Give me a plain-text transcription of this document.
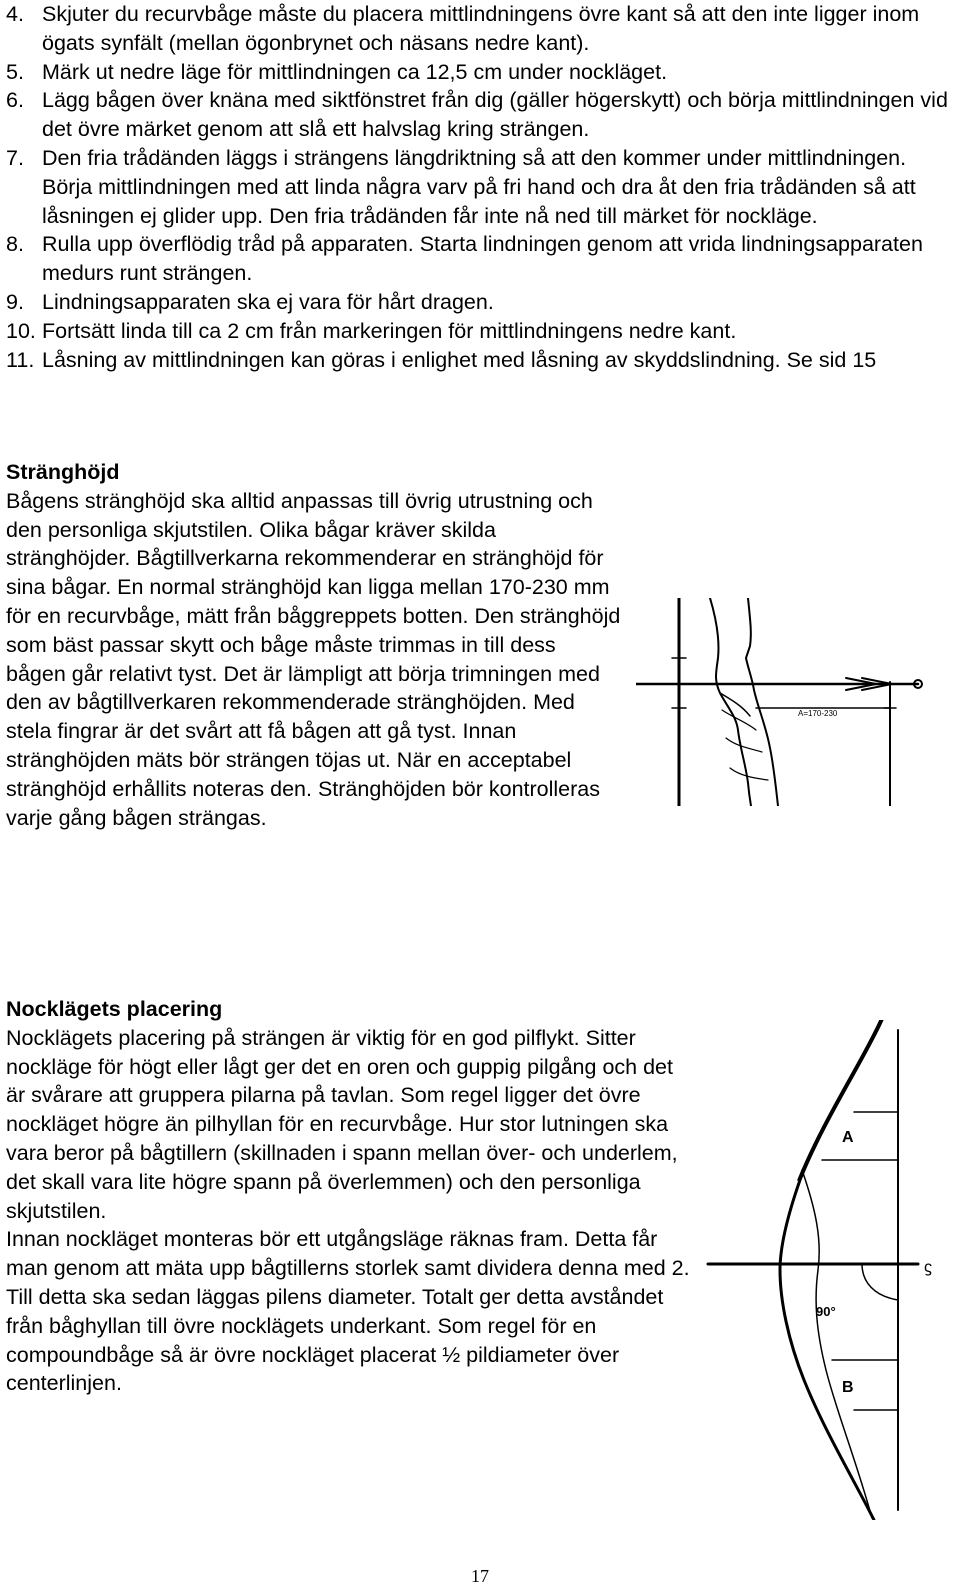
4. Skjuter du recurvbåge måste du placera mittlindningens övre kant så att den inte ligger inom ögats synfält (mellan ögonbrynet och näsans nedre kant).
5. Märk ut nedre läge för mittlindningen ca 12,5 cm under nockläget.
6. Lägg bågen över knäna med siktfönstret från dig (gäller högerskytt) och börja mittlindningen vid det övre märket genom att slå ett halvslag kring strängen.
7. Den fria trådänden läggs i strängens längdriktning så att den kommer under mittlindningen. Börja mittlindningen med att linda några varv på fri hand och dra åt den fria trådänden så att låsningen ej glider upp. Den fria trådänden får inte nå ned till märket för nockläge.
8. Rulla upp överflödig tråd på apparaten. Starta lindningen genom att vrida lindningsapparaten medurs runt strängen.
9. Lindningsapparaten ska ej vara för hårt dragen.
10. Fortsätt linda till ca 2 cm från markeringen för mittlindningens nedre kant.
11. Låsning av mittlindningen kan göras i enlighet med låsning av skyddslindning. Se sid 15
Stränghöjd
Bågens stränghöjd ska alltid anpassas till övrig utrustning och den personliga skjutstilen. Olika bågar kräver skilda stränghöjder. Bågtillverkarna rekommenderar en stränghöjd för sina bågar. En normal stränghöjd kan ligga mellan 170-230 mm för en recurvbåge, mätt från båggreppets botten. Den stränghöjd som bäst passar skytt och båge måste trimmas in till dess bågen går relativt tyst. Det är lämpligt att börja trimningen med den av bågtillverkaren rekommenderade stränghöjden. Med stela fingrar är det svårt att få bågen att gå tyst. Innan stränghöjden mäts bör strängen töjas ut. När en acceptabel stränghöjd erhållits noteras den. Stränghöjden bör kontrolleras varje gång bågen strängas.
A=170-230
Nocklägets placering
Nocklägets placering på strängen är viktig för en god pilflykt. Sitter nockläge för högt eller lågt ger det en oren och guppig pilgång och det är svårare att gruppera pilarna på tavlan. Som regel ligger det övre nockläget högre än pilhyllan för en recurvbåge. Hur stor lutningen ska vara beror på bågtillern (skillnaden i spann mellan över- och underlem, det skall vara lite högre spann på överlemmen) och den personliga skjutstilen.
Innan nockläget monteras bör ett utgångsläge räknas fram. Detta får man genom att mäta upp bågtillerns storlek samt dividera denna med 2. Till detta ska sedan läggas pilens diameter. Totalt ger detta avståndet från båghyllan till övre nocklägets underkant. Som regel för en compoundbåge så är övre nockläget placerat ½ pildiameter över centerlinjen.
A
ϛ
90°
B
17
